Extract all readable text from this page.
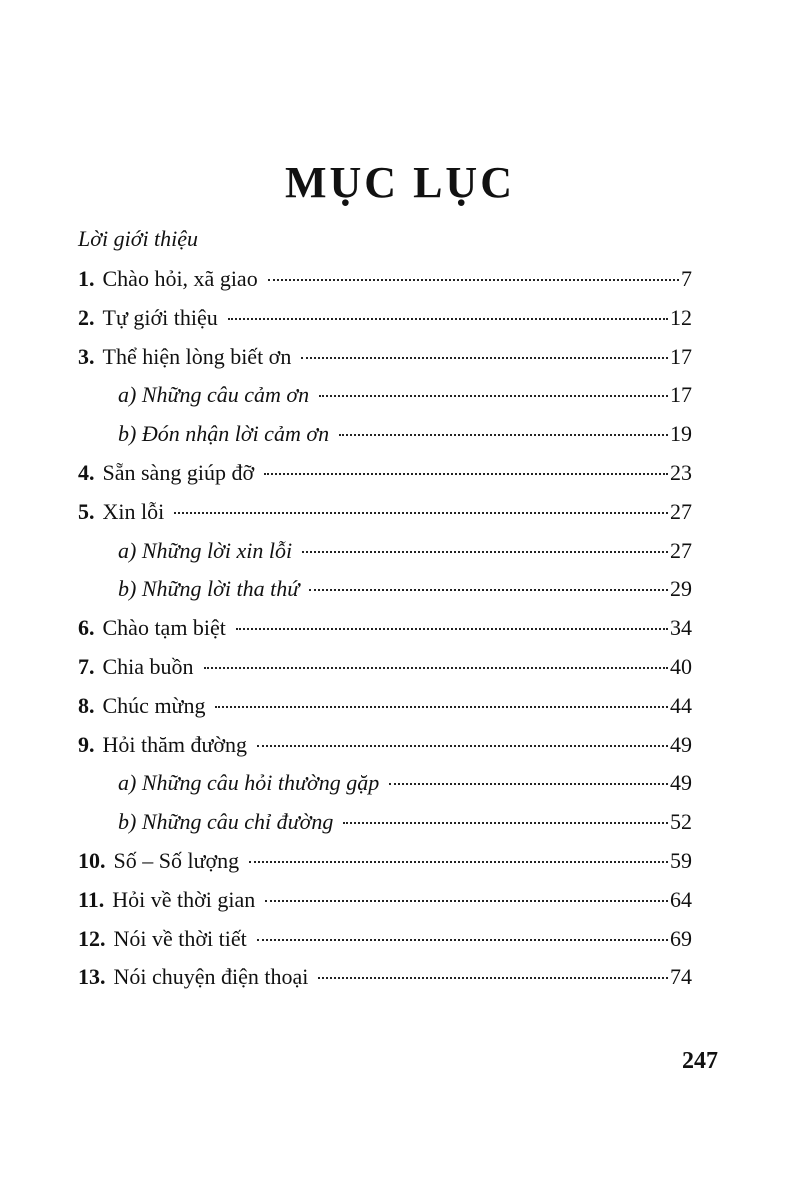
MỤC LỤC
Lời giới thiệu
1. Chào hỏi, xã giao	7
2. Tự giới thiệu	12
3. Thể hiện lòng biết ơn	17
a) Những câu cảm ơn	17
b) Đón nhận lời cảm ơn	19
4. Sẵn sàng giúp đỡ	23
5. Xin lỗi	27
a) Những lời xin lỗi	27
b) Những lời tha thứ	29
6. Chào tạm biệt	34
7. Chia buồn	40
8. Chúc mừng	44
9. Hỏi thăm đường	49
a) Những câu hỏi thường gặp	49
b) Những câu chỉ đường	52
10. Số – Số lượng	59
11. Hỏi về thời gian	64
12. Nói về thời tiết	69
13. Nói chuyện điện thoại	74
247
